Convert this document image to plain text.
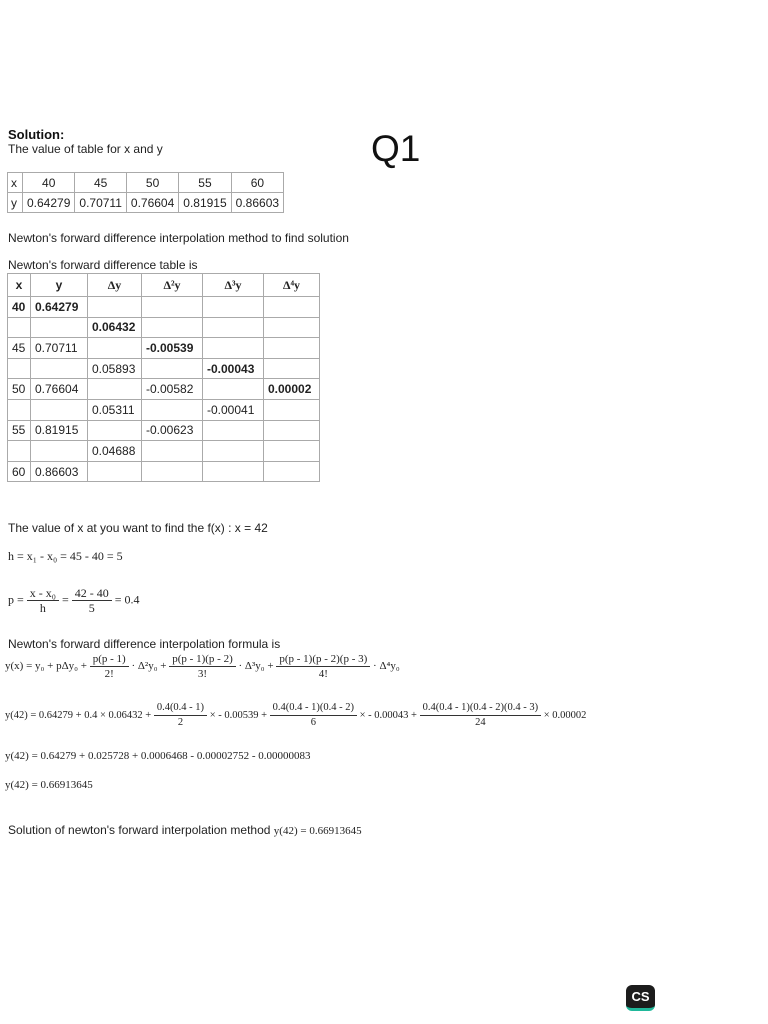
Solution:
The value of table for x and y	Q1
x	40	45	50	55	60
y	0.64279	0.70711	0.76604	0.81915	0.86603
Newton's forward difference interpolation method to find solution
Newton's forward difference table is
x	y	Δy	Δ²y	Δ³y	Δ⁴y
40	0.64279				
		0.06432			
45	0.70711		-0.00539		
		0.05893		-0.00043	
50	0.76604		-0.00582		0.00002
		0.05311		-0.00041	
55	0.81915		-0.00623		
		0.04688			
60	0.86603				
The value of x at you want to find the f(x) : x = 42
h = x₁ - x₀ = 45 - 40 = 5
$p = \frac{\text{x - x₀}}{h} = \frac{42 - 40}{5} = 0.4$
Newton's forward difference interpolation formula is
$y(x) = y_0 + p\Delta y_0 + \frac{p(p - 1)}{2!} \cdot \Delta^2y_0 + \frac{p(p - 1)(p - 2)}{3!} \cdot \Delta^3y_0 + \frac{p(p - 1)(p - 2)(p - 3)}{4!} \cdot \Delta^4y_0$
$y(42) = 0.64279 + 0.4 \times 0.06432 + \frac{0.4(0.4 - 1)}{2}$ × - $0.00539 + \frac{0.4(0.4 - 1)(0.4 - 2)}{6}$ × - $0.00043 + \frac{0.4(0.4 - 1)(0.4 - 2)(0.4 - 3)}{24} \times 0.00002$
y(42) = 0.64279 + 0.025728 + 0.0006468 - 0.00002752 - 0.00000083
y(42) = 0.66913645
Solution of newton's forward interpolation method y(42) = 0.66913645
CS
